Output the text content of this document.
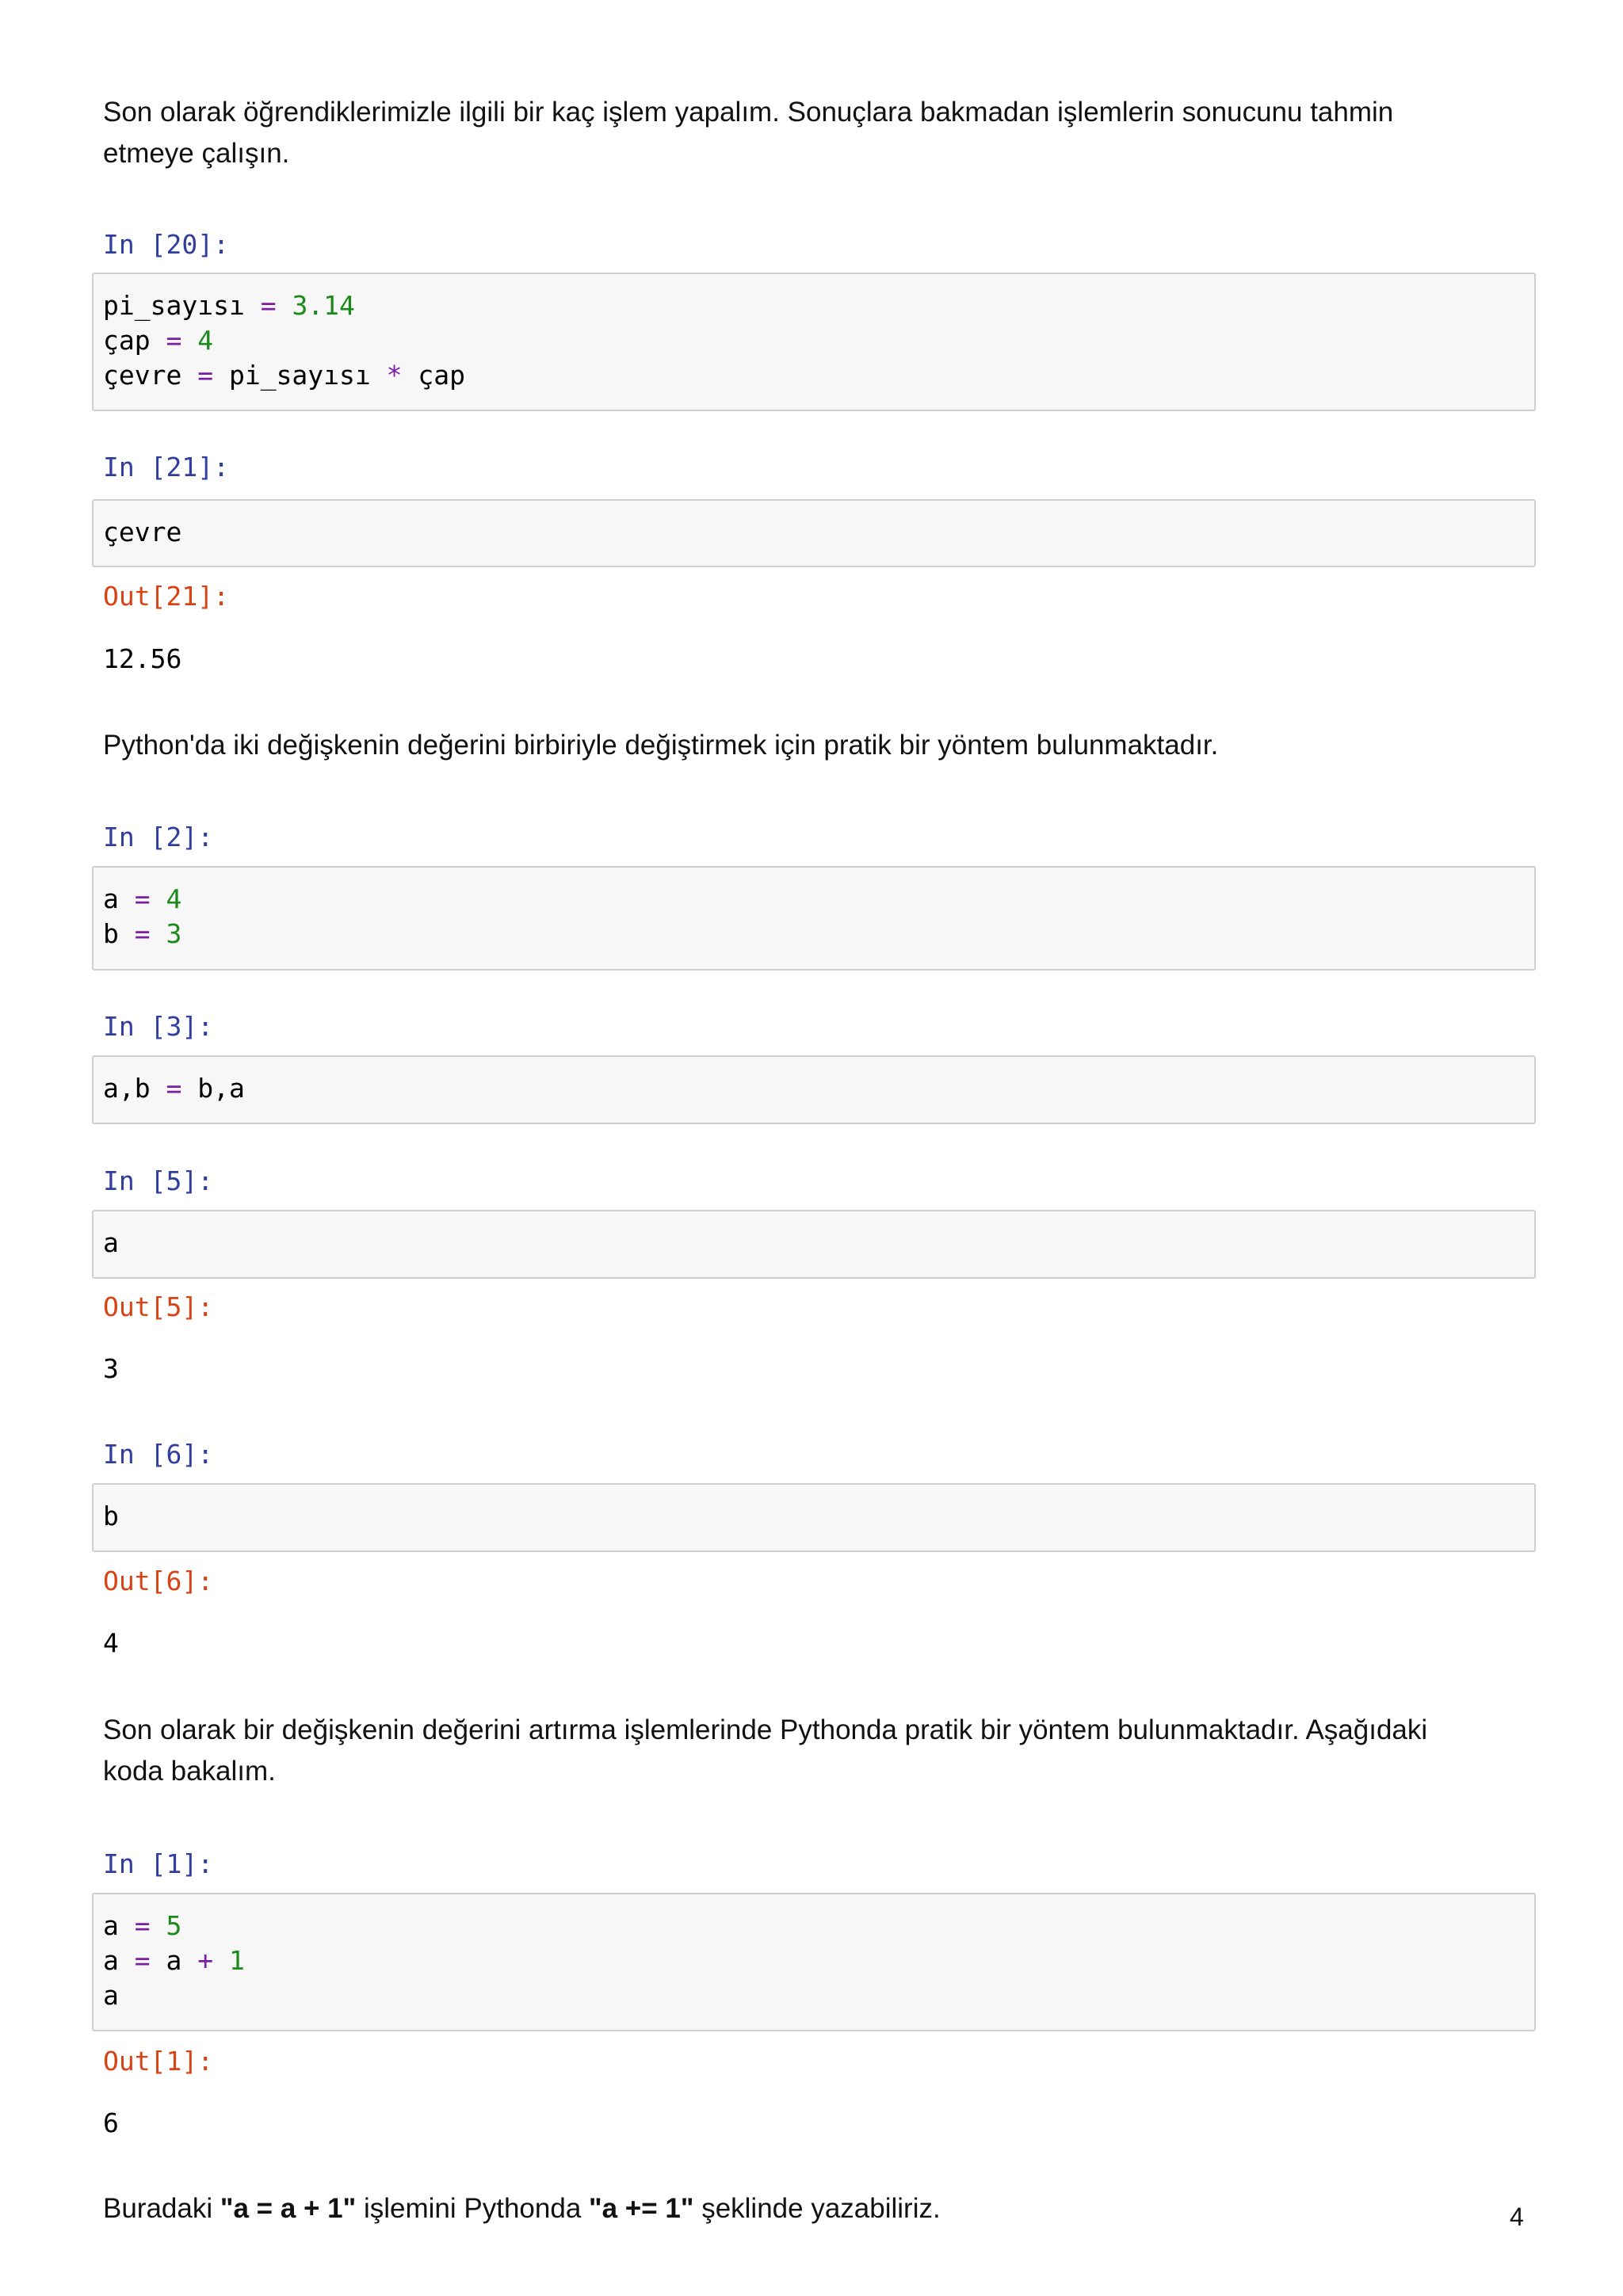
Son olarak öğrendiklerimizle ilgili bir kaç işlem yapalım. Sonuçlara bakmadan işlemlerin sonucunu tahmin
etmeye çalışın.
In [20]:
pi_sayısı = 3.14
çap = 4
çevre = pi_sayısı * çap
In [21]:
çevre
Out[21]:
12.56
Python'da iki değişkenin değerini birbiriyle değiştirmek için pratik bir yöntem bulunmaktadır.
In [2]:
a = 4
b = 3
In [3]:
a,b = b,a
In [5]:
a
Out[5]:
3
In [6]:
b
Out[6]:
4
Son olarak bir değişkenin değerini artırma işlemlerinde Pythonda pratik bir yöntem bulunmaktadır. Aşağıdaki
koda bakalım.
In [1]:
a = 5
a = a + 1
a
Out[1]:
6
Buradaki "a = a + 1" işlemini Pythonda "a += 1" şeklinde yazabiliriz.	4
